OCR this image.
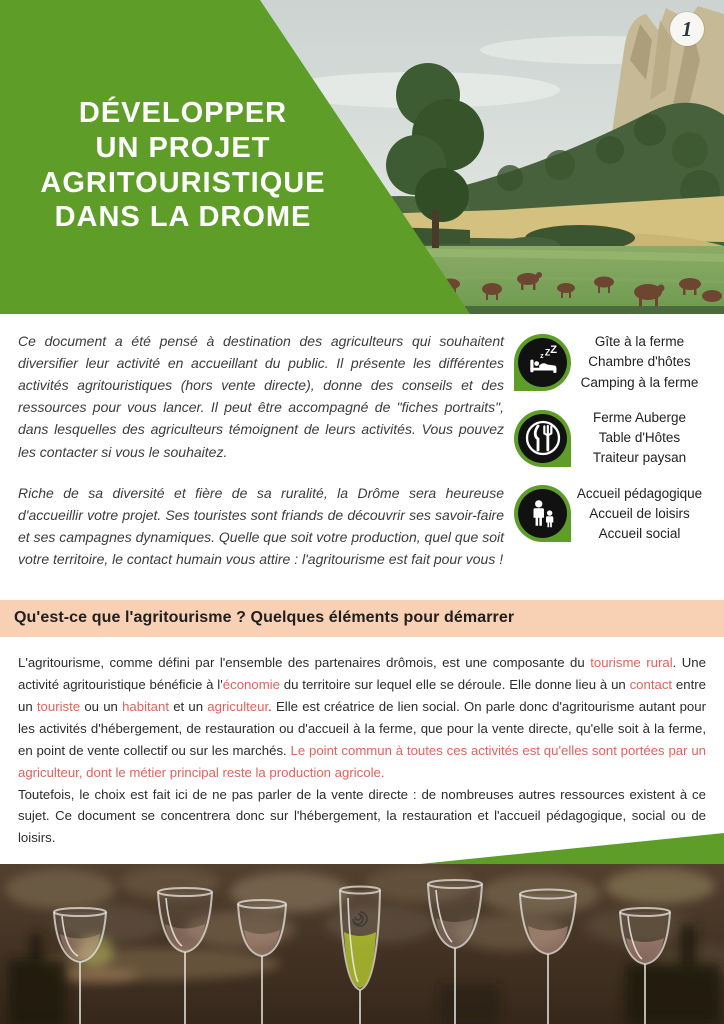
DÉVELOPPER
UN PROJET
AGRITOURISTIQUE
DANS LA DROME
1

Ce document a été pensé à destination des agriculteurs qui souhaitent diversifier leur activité en accueillant du public. Il présente les différentes activités agritouristiques (hors vente directe), donne des conseils et des ressources pour vous lancer. Il peut être accompagné de "fiches portraits", dans lesquelles des agriculteurs témoignent de leurs activités. Vous pouvez les contacter si vous le souhaitez.

Riche de sa diversité et fière de sa ruralité, la Drôme sera heureuse d'accueillir votre projet. Ses touristes sont friands de découvrir ses savoir-faire et ses campagnes dynamiques. Quelle que soit votre production, quel que soit votre territoire, le contact humain vous attire : l'agritourisme est fait pour vous !

z Z Z
Gîte à la ferme
Chambre d'hôtes
Camping à la ferme
Ferme Auberge
Table d'Hôtes
Traiteur paysan
Accueil pédagogique
Accueil de loisirs
Accueil social
Qu'est-ce que l'agritourisme ? Quelques éléments pour démarrer

L'agritourisme, comme défini par l'ensemble des partenaires drômois, est une composante du tourisme rural. Une activité agritouristique bénéficie à l'économie du territoire sur lequel elle se déroule. Elle donne lieu à un contact entre un touriste ou un habitant et un agriculteur. Elle est créatrice de lien social. On parle donc d'agritourisme autant pour les activités d'hébergement, de restauration ou d'accueil à la ferme, que pour la vente directe, qu'elle soit à la ferme, en point de vente collectif ou sur les marchés. Le point commun à toutes ces activités est qu'elles sont portées par un agriculteur, dont le métier principal reste la production agricole.

Toutefois, le choix est fait ici de ne pas parler de la vente directe : de nombreuses autres ressources existent à ce sujet. Ce document se concentrera donc sur l'hébergement, la restauration et l'accueil pédagogique, social ou de loisirs.
